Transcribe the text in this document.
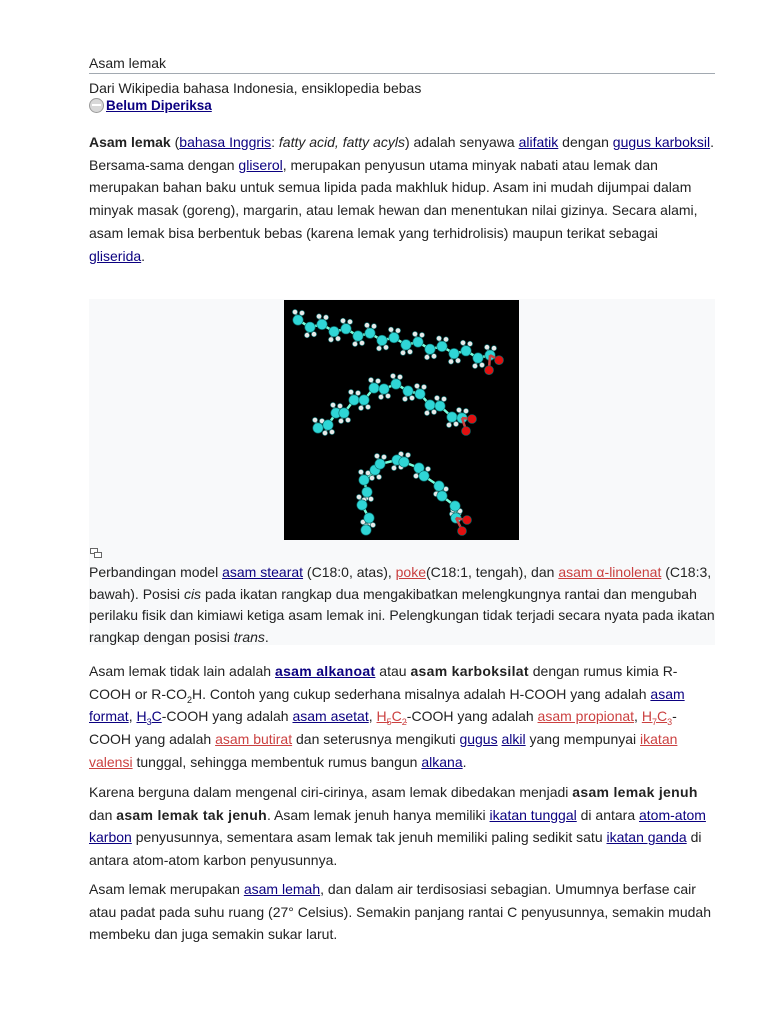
Asam lemak
Dari Wikipedia bahasa Indonesia, ensiklopedia bebas
Belum Diperiksa

Asam lemak (bahasa Inggris: fatty acid, fatty acyls) adalah senyawa alifatik dengan gugus karboksil. Bersama-sama dengan gliserol, merupakan penyusun utama minyak nabati atau lemak dan merupakan bahan baku untuk semua lipida pada makhluk hidup. Asam ini mudah dijumpai dalam minyak masak (goreng), margarin, atau lemak hewan dan menentukan nilai gizinya. Secara alami, asam lemak bisa berbentuk bebas (karena lemak yang terhidrolisis) maupun terikat sebagai gliserida.

Perbandingan model asam stearat (C18:0, atas), poke(C18:1, tengah), dan asam α-linolenat (C18:3, bawah). Posisi cis pada ikatan rangkap dua mengakibatkan melengkungnya rantai dan mengubah perilaku fisik dan kimiawi ketiga asam lemak ini. Pelengkungan tidak terjadi secara nyata pada ikatan rangkap dengan posisi trans.

Asam lemak tidak lain adalah asam alkanoat atau asam karboksilat dengan rumus kimia R-COOH or $R-CO_2H$. Contoh yang cukup sederhana misalnya adalah H-COOH yang adalah asam format, $H_3C$-COOH yang adalah asam asetat, $H_5C_2$-COOH yang adalah asam propionat, $H_7C_3$-COOH yang adalah asam butirat dan seterusnya mengikuti gugus alkil yang mempunyai ikatan valensi tunggal, sehingga membentuk rumus bangun alkana.

Karena berguna dalam mengenal ciri-cirinya, asam lemak dibedakan menjadi asam lemak jenuh dan asam lemak tak jenuh. Asam lemak jenuh hanya memiliki ikatan tunggal di antara atom-atom karbon penyusunnya, sementara asam lemak tak jenuh memiliki paling sedikit satu ikatan ganda di antara atom-atom karbon penyusunnya.

Asam lemak merupakan asam lemah, dan dalam air terdisosiasi sebagian. Umumnya berfase cair atau padat pada suhu ruang (27° Celsius). Semakin panjang rantai C penyusunnya, semakin mudah membeku dan juga semakin sukar larut.
